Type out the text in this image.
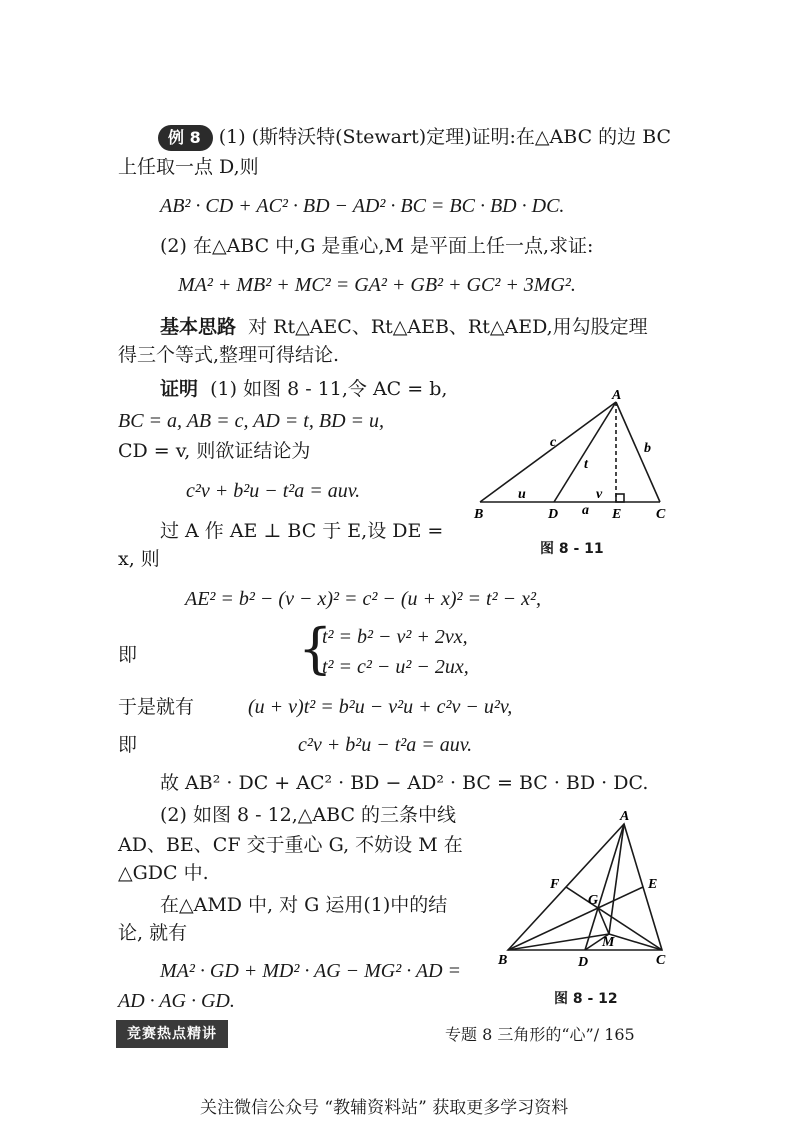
例 8 (1) (斯特沃特(Stewart)定理)证明:在△ABC 的边 BC
上任取一点 D,则
AB² · CD + AC² · BD − AD² · BC = BC · BD · DC.
(2) 在△ABC 中,G 是重心,M 是平面上任一点,求证:
MA² + MB² + MC² = GA² + GB² + GC² + 3MG².
基本思路 对 Rt△AEC、Rt△AEB、Rt△AED,用勾股定理
得三个等式,整理可得结论.
证明 (1) 如图 8 - 11,令 AC = b,
BC = a, AB = c, AD = t, BD = u,
CD = v, 则欲证结论为
c²v + b²u − t²a = auv.
过 A 作 AE ⊥ BC 于 E,设 DE =
x, 则
AE² = b² − (v − x)² = c² − (u + x)² = t² − x²,
即	{
t² = b² − v² + 2vx,
t² = c² − u² − 2ux,
于是就有	(u + v)t² = b²u − v²u + c²v − u²v,
即	c²v + b²u − t²a = auv.
故 AB² · DC + AC² · BD − AD² · BC = BC · BD · DC.
(2) 如图 8 - 12,△ABC 的三条中线
AD、BE、CF 交于重心 G, 不妨设 M 在
△GDC 中.
在△AMD 中, 对 G 运用(1)中的结
论, 就有
MA² · GD + MD² · AG − MG² · AD =
AD · AG · GD.
A
B	C
D	E
c	b
t
u	v
a
图 8 - 11
A
B	C
D
E
F
G
M
图 8 - 12
竞赛热点精讲	专题 8 三角形的“心”/ 165
关注微信公众号 “教辅资料站” 获取更多学习资料
